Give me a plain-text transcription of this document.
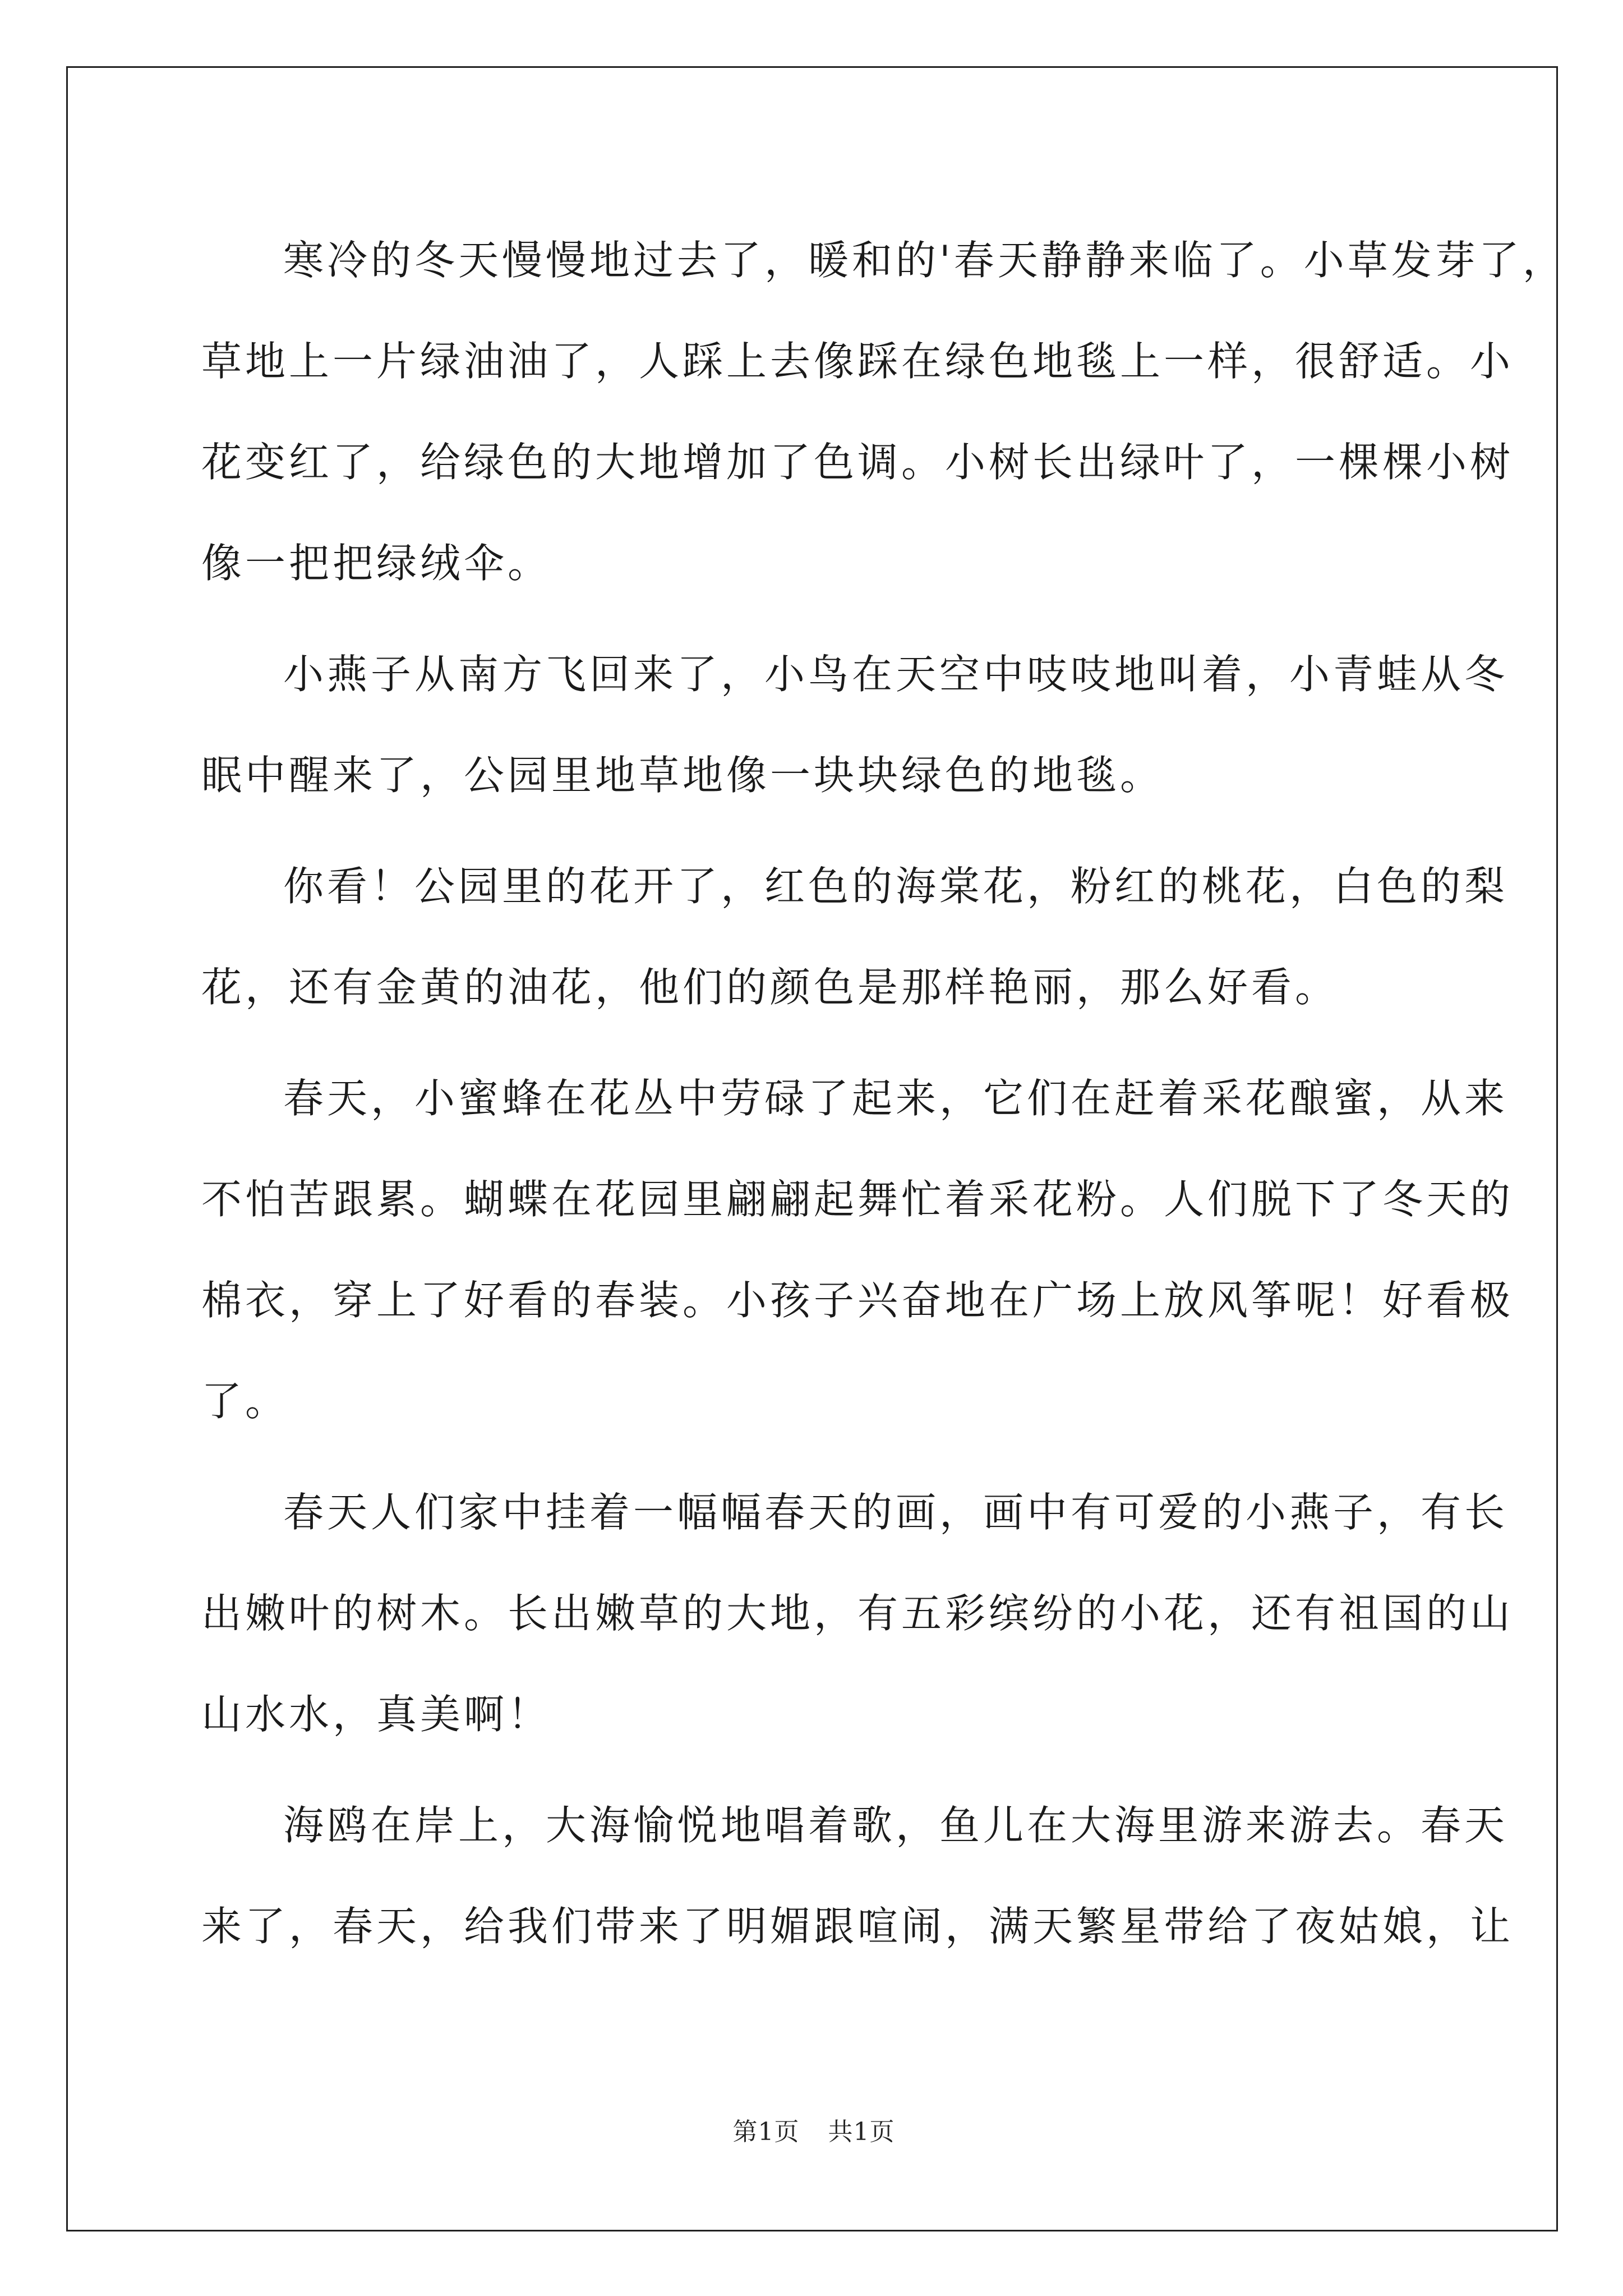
寒冷的冬天慢慢地过去了，暖和的'春天静静来临了。小草发芽了，

草地上一片绿油油了，人踩上去像踩在绿色地毯上一样，很舒适。小

花变红了，给绿色的大地增加了色调。小树长出绿叶了，一棵棵小树

像一把把绿绒伞。

小燕子从南方飞回来了，小鸟在天空中吱吱地叫着，小青蛙从冬

眠中醒来了，公园里地草地像一块块绿色的地毯。

你看！公园里的花开了，红色的海棠花，粉红的桃花，白色的梨

花，还有金黄的油花，他们的颜色是那样艳丽，那么好看。

春天，小蜜蜂在花丛中劳碌了起来，它们在赶着采花酿蜜，从来

不怕苦跟累。蝴蝶在花园里翩翩起舞忙着采花粉。人们脱下了冬天的

棉衣，穿上了好看的春装。小孩子兴奋地在广场上放风筝呢！好看极

了。

春天人们家中挂着一幅幅春天的画，画中有可爱的小燕子，有长

出嫩叶的树木。长出嫩草的大地，有五彩缤纷的小花，还有祖国的山

山水水，真美啊！

海鸥在岸上，大海愉悦地唱着歌，鱼儿在大海里游来游去。春天

来了，春天，给我们带来了明媚跟喧闹，满天繁星带给了夜姑娘，让

第1页 共1页
